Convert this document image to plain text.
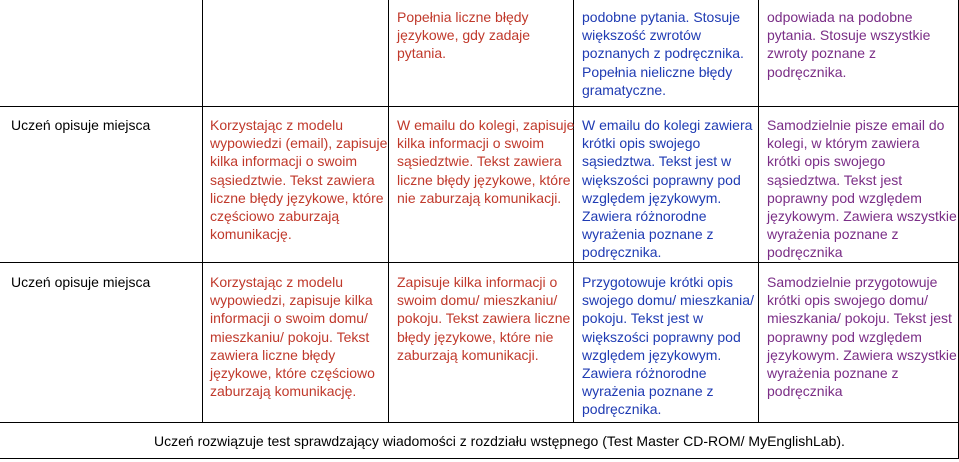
Popełnia liczne błędy
językowe, gdy zadaje
pytania.
podobne pytania. Stosuje
większość zwrotów
poznanych z podręcznika.
Popełnia nieliczne błędy
gramatyczne.
odpowiada na podobne
pytania. Stosuje wszystkie
zwroty poznane z
podręcznika.
Uczeń opisuje miejsca	Korzystając z modelu
wypowiedzi (email), zapisuje
kilka informacji o swoim
sąsiedztwie. Tekst zawiera
liczne błędy językowe, które
częściowo zaburzają
komunikację.
W emailu do kolegi, zapisuje
kilka informacji o swoim
sąsiedztwie. Tekst zawiera
liczne błędy językowe, które
nie zaburzają komunikacji.
W emailu do kolegi zawiera
krótki opis swojego
sąsiedztwa. Tekst jest w
większości poprawny pod
względem językowym.
Zawiera różnorodne
wyrażenia poznane z
podręcznika.
Samodzielnie pisze email do
kolegi, w którym zawiera
krótki opis swojego
sąsiedztwa. Tekst jest
poprawny pod względem
językowym. Zawiera wszystkie
wyrażenia poznane z
podręcznika
Uczeń opisuje miejsca	Korzystając z modelu
wypowiedzi, zapisuje kilka
informacji o swoim domu/
mieszkaniu/ pokoju. Tekst
zawiera liczne błędy
językowe, które częściowo
zaburzają komunikację.
Zapisuje kilka informacji o
swoim domu/ mieszkaniu/
pokoju. Tekst zawiera liczne
błędy językowe, które nie
zaburzają komunikacji.
Przygotowuje krótki opis
swojego domu/ mieszkania/
pokoju. Tekst jest w
większości poprawny pod
względem językowym.
Zawiera różnorodne
wyrażenia poznane z
podręcznika.
Samodzielnie przygotowuje
krótki opis swojego domu/
mieszkania/ pokoju. Tekst jest
poprawny pod względem
językowym. Zawiera wszystkie
wyrażenia poznane z
podręcznika
Uczeń rozwiązuje test sprawdzający wiadomości z rozdziału wstępnego (Test Master CD-ROM/ MyEnglishLab).
